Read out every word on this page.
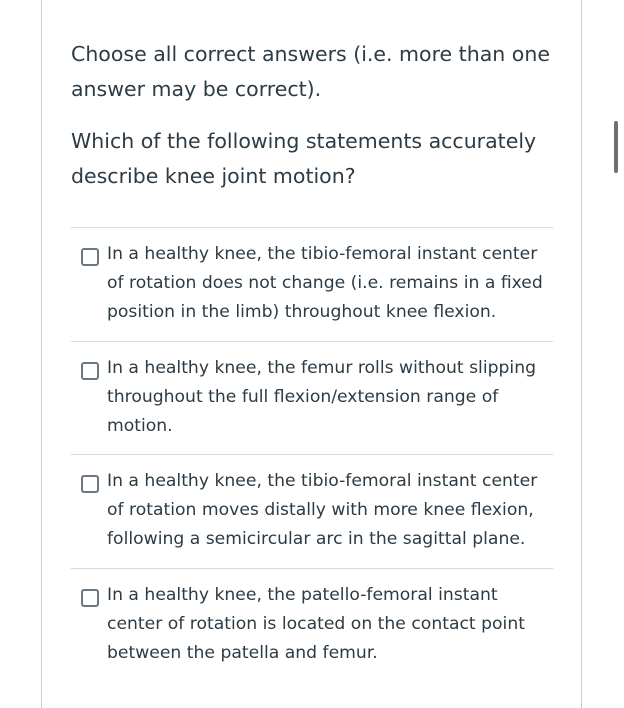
Choose all correct answers (i.e. more than one answer may be correct).
Which of the following statements accurately describe knee joint motion?
In a healthy knee, the tibio-femoral instant center of rotation does not change (i.e. remains in a fixed position in the limb) throughout knee flexion.
In a healthy knee, the femur rolls without slipping throughout the full flexion/extension range of motion.
In a healthy knee, the tibio-femoral instant center of rotation moves distally with more knee flexion, following a semicircular arc in the sagittal plane.
In a healthy knee, the patello-femoral instant center of rotation is located on the contact point between the patella and femur.
